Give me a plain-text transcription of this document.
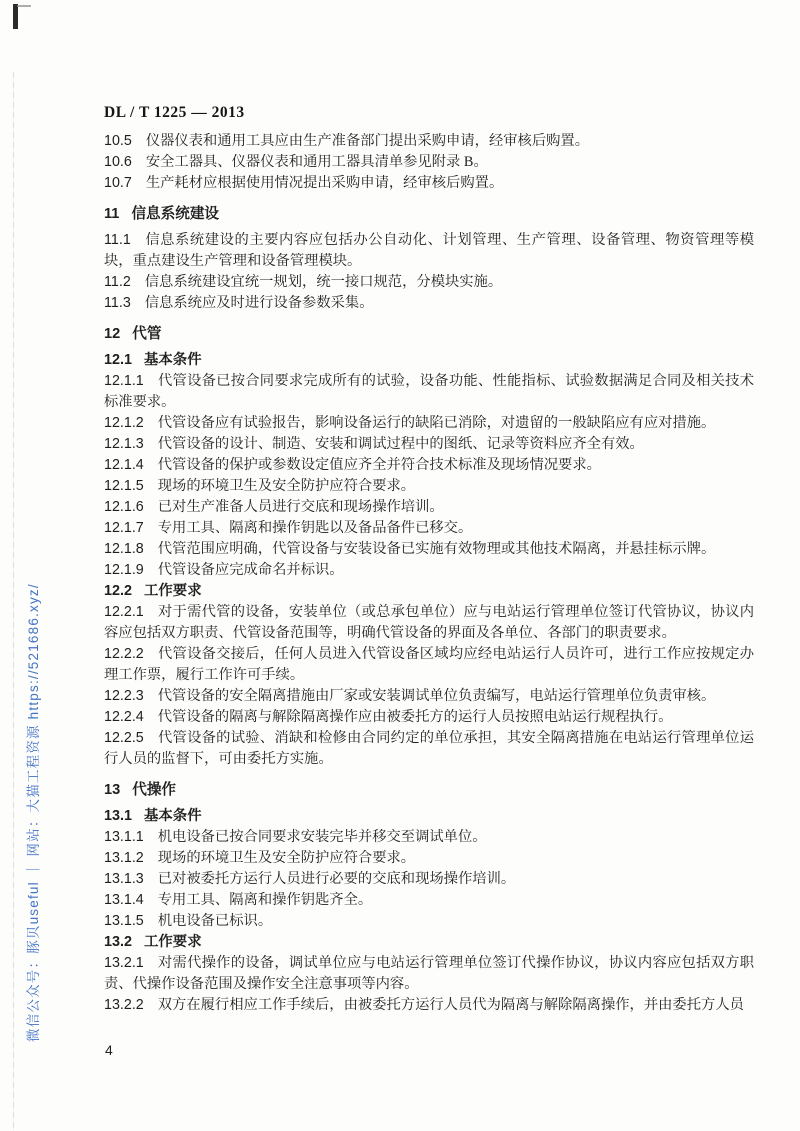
微信公众号：豚贝useful ｜ 网站：大猫工程资源 https://521686.xyz/
DL / T 1225 — 2013

10.5 仪器仪表和通用工具应由生产准备部门提出采购申请，经审核后购置。

10.6 安全工器具、仪器仪表和通用工器具清单参见附录 B。

10.7 生产耗材应根据使用情况提出采购申请，经审核后购置。

11 信息系统建设

11.1 信息系统建设的主要内容应包括办公自动化、计划管理、生产管理、设备管理、物资管理等模块，重点建设生产管理和设备管理模块。

11.2 信息系统建设宜统一规划，统一接口规范，分模块实施。

11.3 信息系统应及时进行设备参数采集。

12 代管

12.1 基本条件

12.1.1 代管设备已按合同要求完成所有的试验，设备功能、性能指标、试验数据满足合同及相关技术标准要求。

12.1.2 代管设备应有试验报告，影响设备运行的缺陷已消除，对遗留的一般缺陷应有应对措施。

12.1.3 代管设备的设计、制造、安装和调试过程中的图纸、记录等资料应齐全有效。

12.1.4 代管设备的保护或参数设定值应齐全并符合技术标准及现场情况要求。

12.1.5 现场的环境卫生及安全防护应符合要求。

12.1.6 已对生产准备人员进行交底和现场操作培训。

12.1.7 专用工具、隔离和操作钥匙以及备品备件已移交。

12.1.8 代管范围应明确，代管设备与安装设备已实施有效物理或其他技术隔离，并悬挂标示牌。

12.1.9 代管设备应完成命名并标识。

12.2 工作要求

12.2.1 对于需代管的设备，安装单位（或总承包单位）应与电站运行管理单位签订代管协议，协议内容应包括双方职责、代管设备范围等，明确代管设备的界面及各单位、各部门的职责要求。

12.2.2 代管设备交接后，任何人员进入代管设备区域均应经电站运行人员许可，进行工作应按规定办理工作票，履行工作许可手续。

12.2.3 代管设备的安全隔离措施由厂家或安装调试单位负责编写，电站运行管理单位负责审核。

12.2.4 代管设备的隔离与解除隔离操作应由被委托方的运行人员按照电站运行规程执行。

12.2.5 代管设备的试验、消缺和检修由合同约定的单位承担，其安全隔离措施在电站运行管理单位运行人员的监督下，可由委托方实施。

13 代操作

13.1 基本条件

13.1.1 机电设备已按合同要求安装完毕并移交至调试单位。

13.1.2 现场的环境卫生及安全防护应符合要求。

13.1.3 已对被委托方运行人员进行必要的交底和现场操作培训。

13.1.4 专用工具、隔离和操作钥匙齐全。

13.1.5 机电设备已标识。

13.2 工作要求

13.2.1 对需代操作的设备，调试单位应与电站运行管理单位签订代操作协议，协议内容应包括双方职责、代操作设备范围及操作安全注意事项等内容。

13.2.2 双方在履行相应工作手续后，由被委托方运行人员代为隔离与解除隔离操作，并由委托方人员

4
